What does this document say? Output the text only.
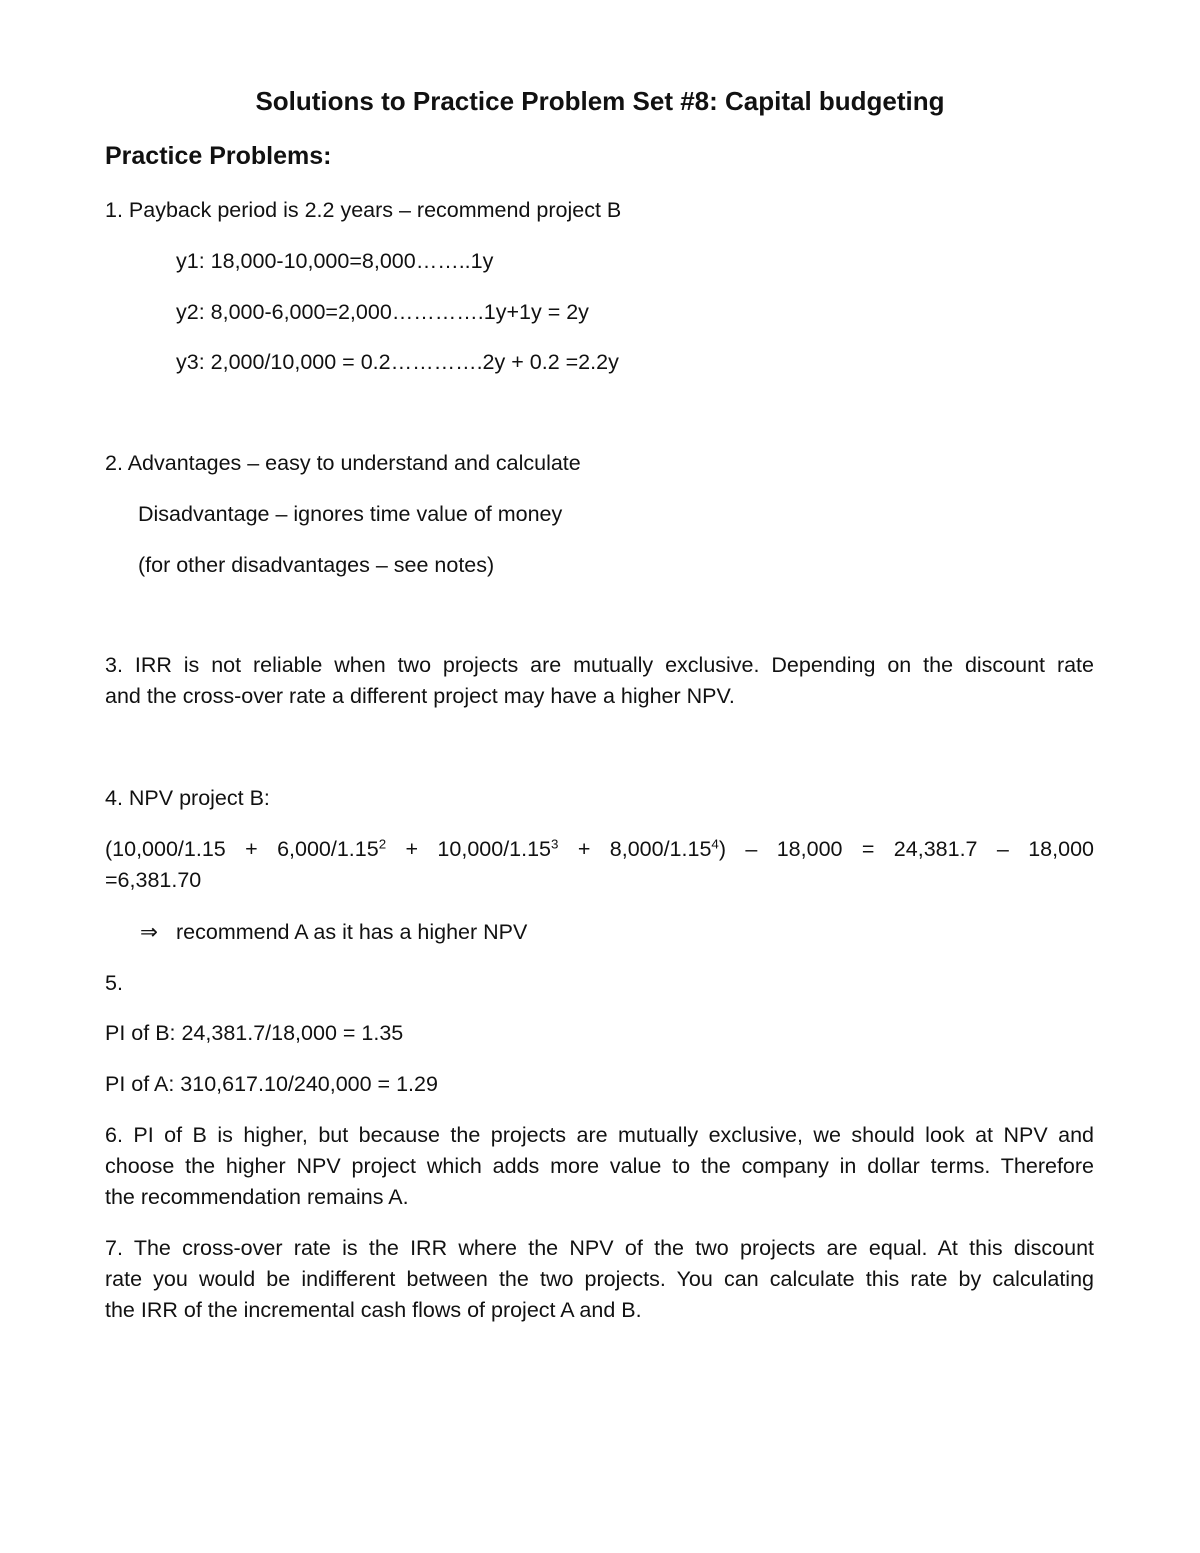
Solutions to Practice Problem Set #8: Capital budgeting
Practice Problems:
1. Payback period is 2.2 years – recommend project B
y1: 18,000-10,000=8,000……..1y
y2: 8,000-6,000=2,000………….1y+1y = 2y
y3: 2,000/10,000 = 0.2………….2y + 0.2 =2.2y
2. Advantages – easy to understand and calculate
Disadvantage – ignores time value of money
(for other disadvantages – see notes)
3. IRR is not reliable when two projects are mutually exclusive. Depending on the discount rate
and the cross-over rate a different project may have a higher NPV.
4. NPV project B:
$(10,000/1.15 + 6,000/1.15^2 + 10,000/1.15^3 + 8,000/1.15^4) - 18,000 = 24,381.7 - 18,000$
=6,381.70
⇒ recommend A as it has a higher NPV
5.
PI of B: 24,381.7/18,000 = 1.35
PI of A: 310,617.10/240,000 = 1.29
6. PI of B is higher, but because the projects are mutually exclusive, we should look at NPV and
choose the higher NPV project which adds more value to the company in dollar terms. Therefore
the recommendation remains A.
7. The cross-over rate is the IRR where the NPV of the two projects are equal. At this discount
rate you would be indifferent between the two projects. You can calculate this rate by calculating
the IRR of the incremental cash flows of project A and B.
